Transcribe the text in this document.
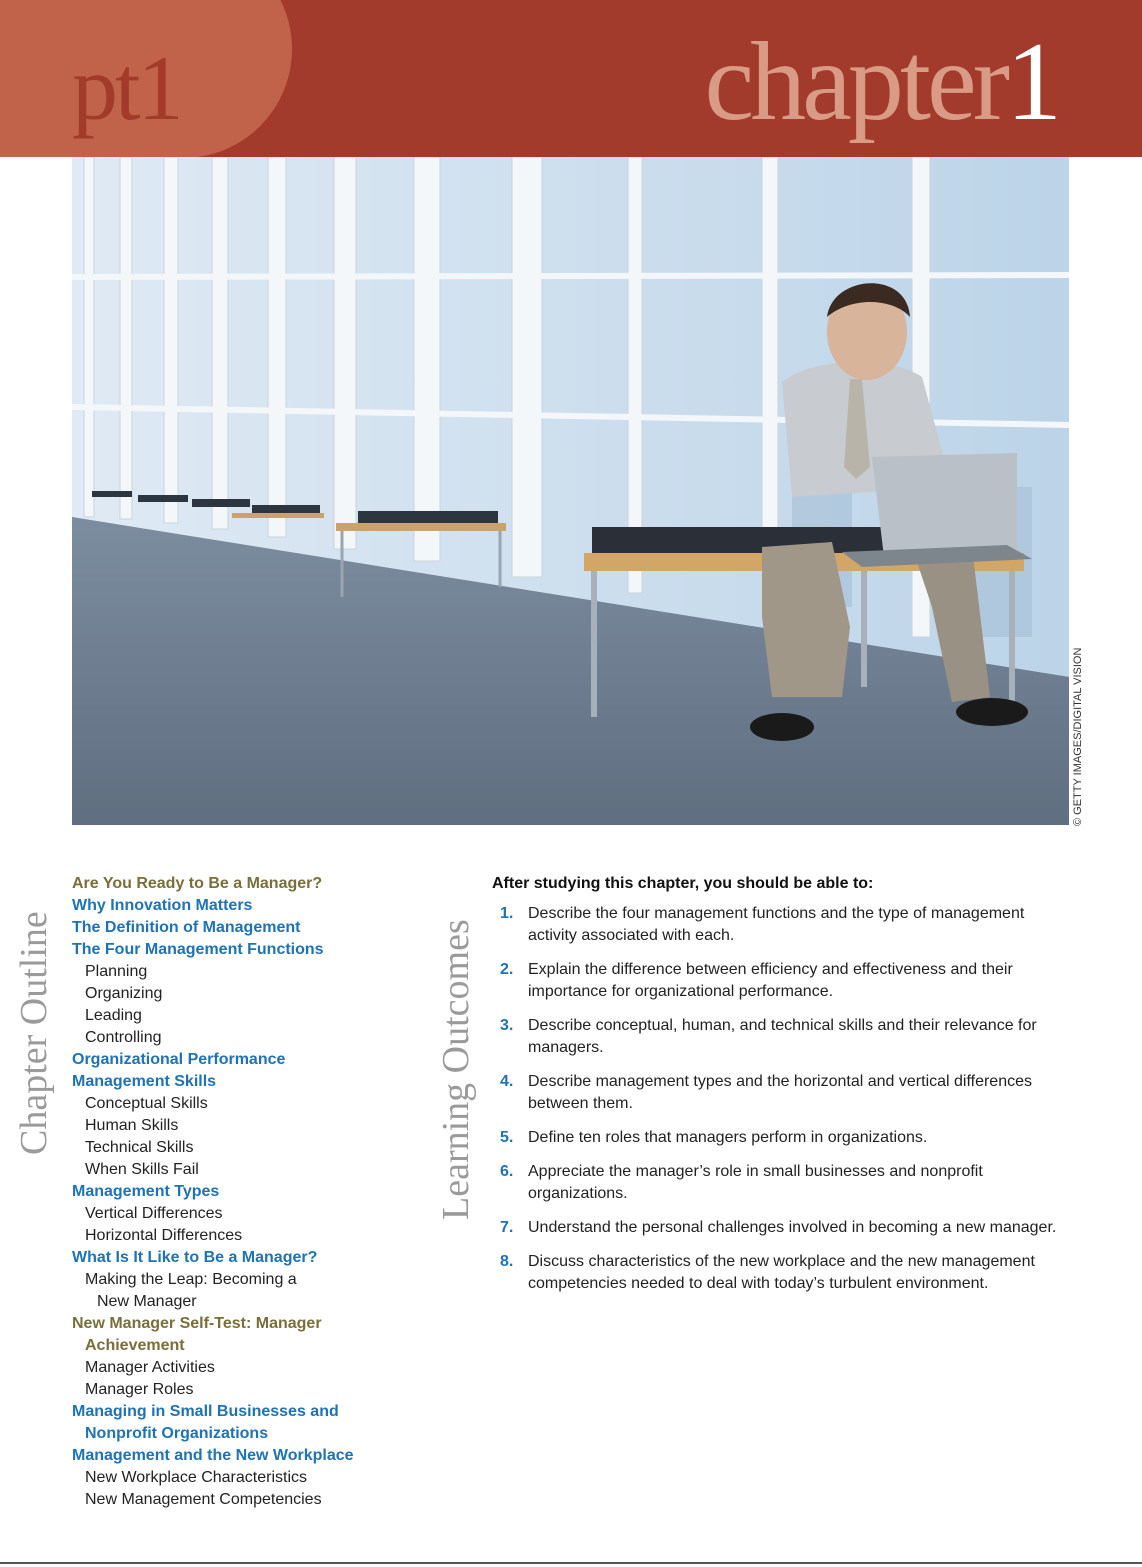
pt1	chapter1
© GETTY IMAGES/DIGITAL VISION
Chapter Outline	Learning Outcomes
Are You Ready to Be a Manager?
Why Innovation Matters
The Definition of Management
The Four Management Functions
Planning
Organizing
Leading
Controlling
Organizational Performance
Management Skills
Conceptual Skills
Human Skills
Technical Skills
When Skills Fail
Management Types
Vertical Differences
Horizontal Differences
What Is It Like to Be a Manager?
Making the Leap: Becoming a
New Manager
New Manager Self-Test: Manager
Achievement
Manager Activities
Manager Roles
Managing in Small Businesses and
Nonprofit Organizations
Management and the New Workplace
New Workplace Characteristics
New Management Competencies
After studying this chapter, you should be able to:
1. Describe the four management functions and the type of management activity associated with each.
2. Explain the difference between efficiency and effectiveness and their importance for organizational performance.
3. Describe conceptual, human, and technical skills and their relevance for managers.
4. Describe management types and the horizontal and vertical differences between them.
5. Define ten roles that managers perform in organizations.
6. Appreciate the manager’s role in small businesses and nonprofit organizations.
7. Understand the personal challenges involved in becoming a new manager.
8. Discuss characteristics of the new workplace and the new management competencies needed to deal with today’s turbulent environment.
